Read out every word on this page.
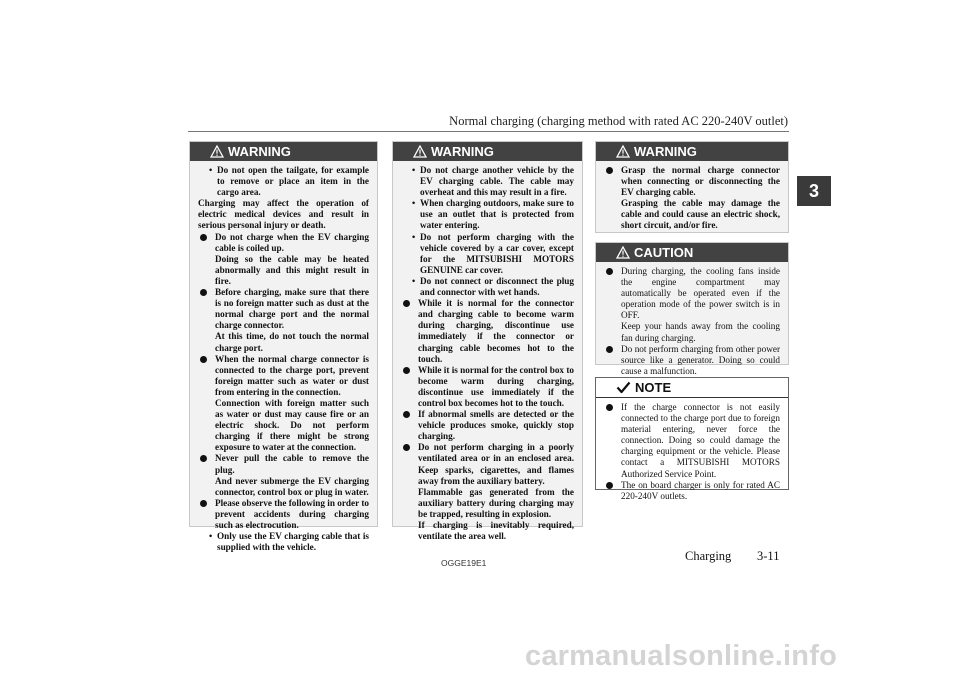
Normal charging (charging method with rated AC 220-240V outlet)
3
WARNING
• Do not open the tailgate, for example to remove or place an item in the cargo area.
Charging may affect the operation of electric medical devices and result in serious personal injury or death.
Do not charge when the EV charging cable is coiled up.
Doing so the cable may be heated abnormally and this might result in fire.
Before charging, make sure that there is no foreign matter such as dust at the normal charge port and the normal charge connector.
At this time, do not touch the normal charge port.
When the normal charge connector is connected to the charge port, prevent foreign matter such as water or dust from entering in the connection.
Connection with foreign matter such as water or dust may cause fire or an electric shock. Do not perform charging if there might be strong exposure to water at the connection.
Never pull the cable to remove the plug.
And never submerge the EV charging connector, control box or plug in water.
Please observe the following in order to prevent accidents during charging such as electrocution.
• Only use the EV charging cable that is supplied with the vehicle.
WARNING
• Do not charge another vehicle by the EV charging cable. The cable may overheat and this may result in a fire.
• When charging outdoors, make sure to use an outlet that is protected from water entering.
• Do not perform charging with the vehicle covered by a car cover, except for the MITSUBISHI MOTORS GENUINE car cover.
• Do not connect or disconnect the plug and connector with wet hands.
While it is normal for the connector and charging cable to become warm during charging, discontinue use immediately if the connector or charging cable becomes hot to the touch.
While it is normal for the control box to become warm during charging, discontinue use immediately if the control box becomes hot to the touch.
If abnormal smells are detected or the vehicle produces smoke, quickly stop charging.
Do not perform charging in a poorly ventilated area or in an enclosed area. Keep sparks, cigarettes, and flames away from the auxiliary battery.
Flammable gas generated from the auxiliary battery during charging may be trapped, resulting in explosion.
If charging is inevitably required, ventilate the area well.
WARNING
Grasp the normal charge connector when connecting or disconnecting the EV charging cable.
Grasping the cable may damage the cable and could cause an electric shock, short circuit, and/or fire.
CAUTION
During charging, the cooling fans inside the engine compartment may automatically be operated even if the operation mode of the power switch is in OFF.
Keep your hands away from the cooling fan during charging.
Do not perform charging from other power source like a generator. Doing so could cause a malfunction.
NOTE
If the charge connector is not easily connected to the charge port due to foreign material entering, never force the connection. Doing so could damage the charging equipment or the vehicle. Please contact a MITSUBISHI MOTORS Authorized Service Point.
The on board charger is only for rated AC 220-240V outlets.
OGGE19E1	Charging 3-11
carmanualsonline.info
